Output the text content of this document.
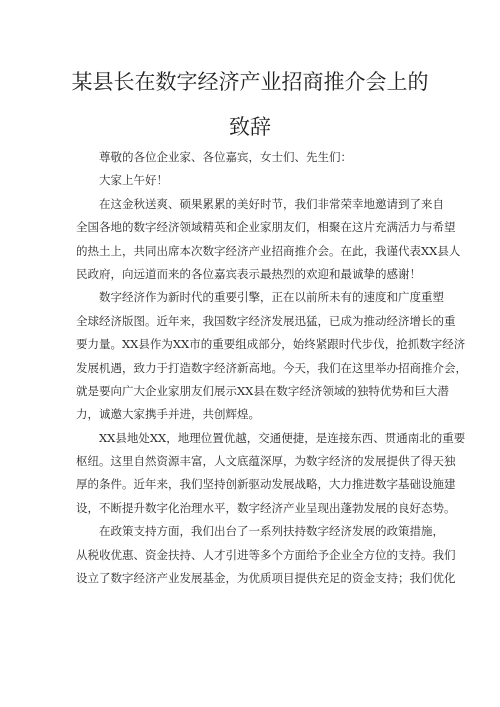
某县长在数字经济产业招商推介会上的
致辞
尊敬的各位企业家、各位嘉宾，女士们、先生们：
大家上午好！
在这金秋送爽、硕果累累的美好时节，我们非常荣幸地邀请到了来自
全国各地的数字经济领域精英和企业家朋友们，相聚在这片充满活力与希望
的热土上，共同出席本次数字经济产业招商推介会。在此，我谨代表XX县人
民政府，向远道而来的各位嘉宾表示最热烈的欢迎和最诚挚的感谢！
数字经济作为新时代的重要引擎，正在以前所未有的速度和广度重塑
全球经济版图。近年来，我国数字经济发展迅猛，已成为推动经济增长的重
要力量。XX县作为XX市的重要组成部分，始终紧跟时代步伐，抢抓数字经济
发展机遇，致力于打造数字经济新高地。今天，我们在这里举办招商推介会，
就是要向广大企业家朋友们展示XX县在数字经济领域的独特优势和巨大潜
力，诚邀大家携手并进，共创辉煌。
XX县地处XX，地理位置优越，交通便捷，是连接东西、贯通南北的重要
枢纽。这里自然资源丰富，人文底蕴深厚，为数字经济的发展提供了得天独
厚的条件。近年来，我们坚持创新驱动发展战略，大力推进数字基础设施建
设，不断提升数字化治理水平，数字经济产业呈现出蓬勃发展的良好态势。
在政策支持方面，我们出台了一系列扶持数字经济发展的政策措施，
从税收优惠、资金扶持、人才引进等多个方面给予企业全方位的支持。我们
设立了数字经济产业发展基金，为优质项目提供充足的资金支持；我们优化
